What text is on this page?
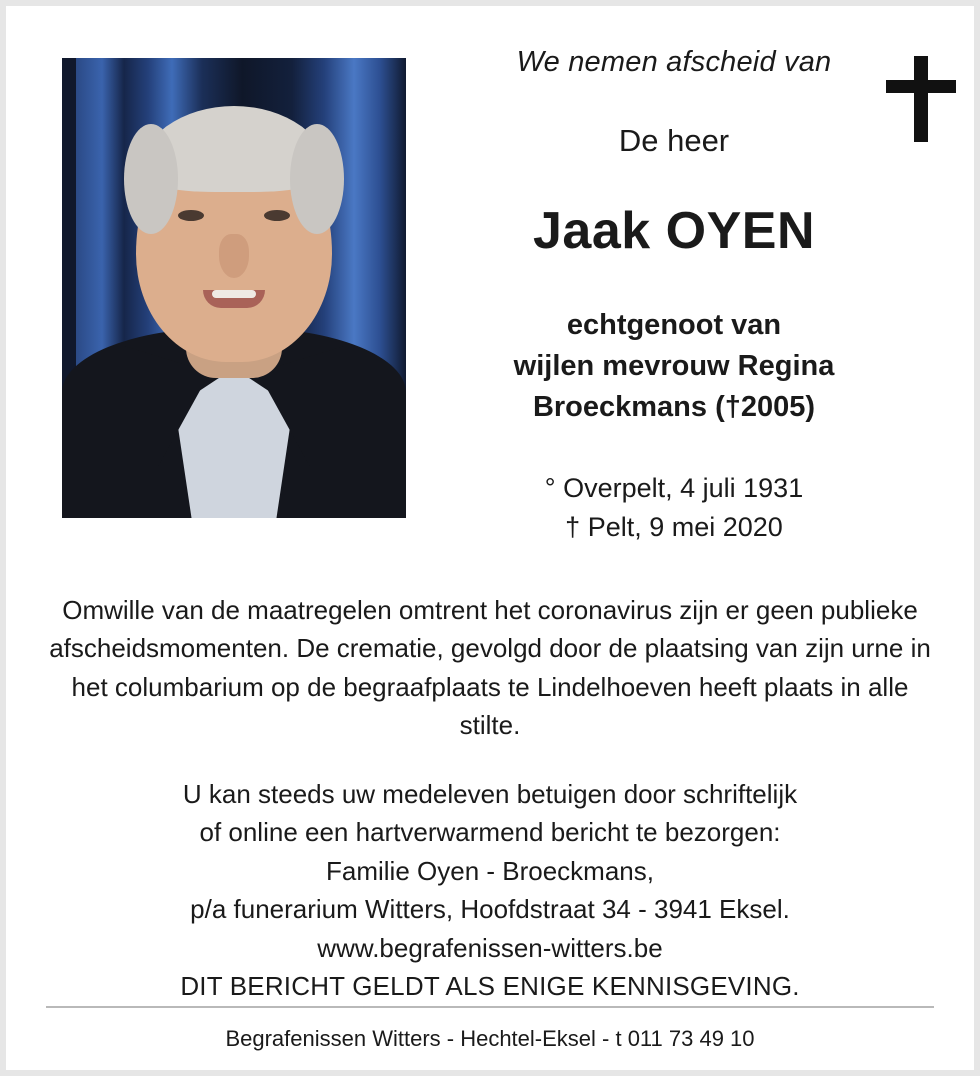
We nemen afscheid van

De heer

Jaak OYEN

echtgenoot van
wijlen mevrouw Regina
Broeckmans (†2005)

° Overpelt, 4 juli 1931
† Pelt, 9 mei 2020

Omwille van de maatregelen omtrent het coronavirus zijn er geen publieke afscheidsmomenten. De crematie, gevolgd door de plaatsing van zijn urne in het columbarium op de begraafplaats te Lindelhoeven heeft plaats in alle stilte.

U kan steeds uw medeleven betuigen door schriftelijk
of online een hartverwarmend bericht te bezorgen:
Familie Oyen - Broeckmans,
p/a funerarium Witters, Hoofdstraat 34 - 3941 Eksel.
www.begrafenissen-witters.be

DIT BERICHT GELDT ALS ENIGE KENNISGEVING.

Begrafenissen Witters - Hechtel-Eksel - t 011 73 49 10
